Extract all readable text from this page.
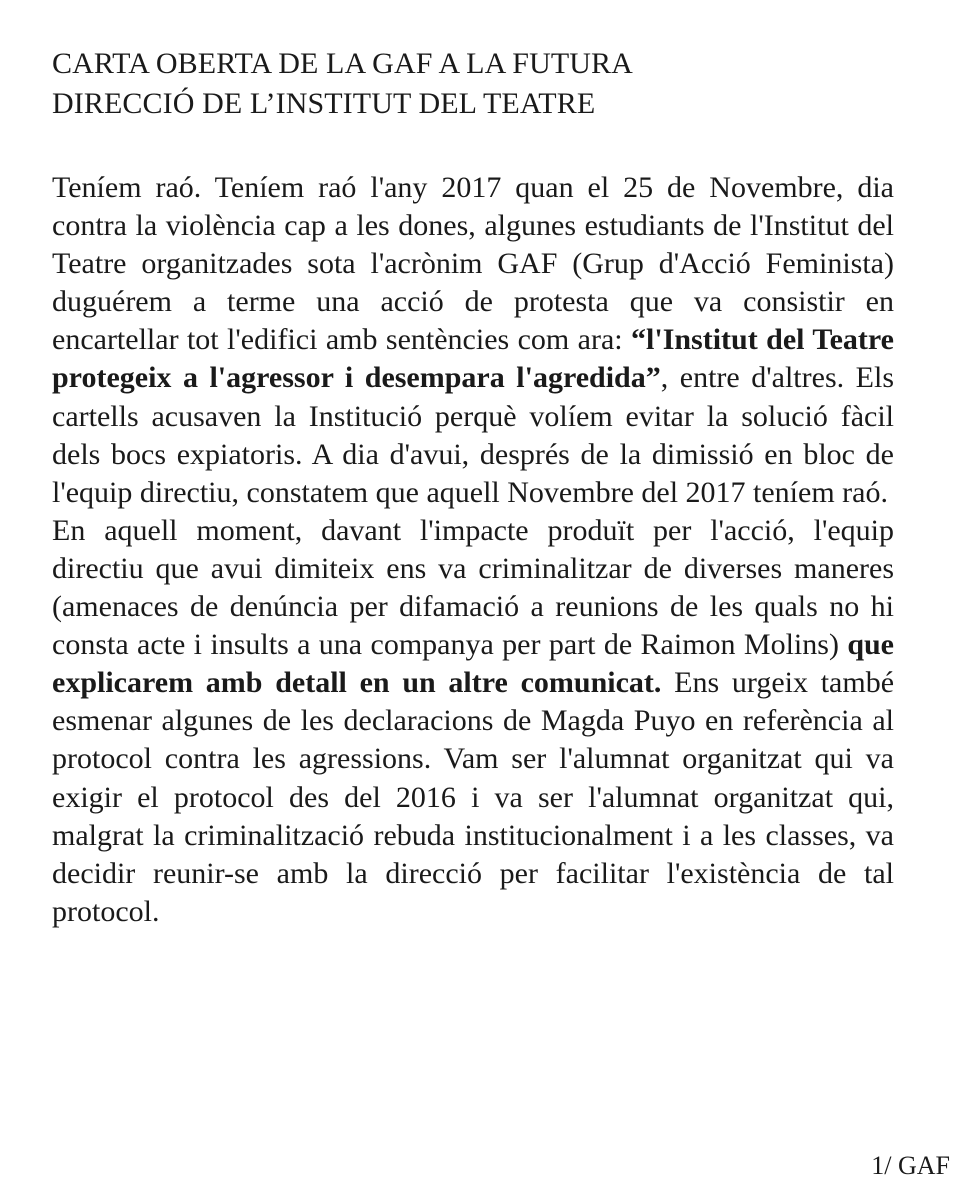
CARTA OBERTA DE LA GAF A LA FUTURA
DIRECCIÓ DE L’INSTITUT DEL TEATRE

Teníem raó. Teníem raó l'any 2017 quan el 25 de Novembre, dia contra la violència cap a les dones, algunes estudiants de l'Institut del Teatre organitzades sota l'acrònim GAF (Grup d'Acció Feminista) duguérem a terme una acció de protesta que va consistir en encartellar tot l'edifici amb sentències com ara: “l'Institut del Teatre protegeix a l'agressor i desempara l'agredida”, entre d'altres. Els cartells acusaven la Institució perquè volíem evitar la solució fàcil dels bocs expiatoris. A dia d'avui, després de la dimissió en bloc de l'equip directiu, constatem que aquell Novembre del 2017 teníem raó.

En aquell moment, davant l'impacte produït per l'acció, l'equip directiu que avui dimiteix ens va criminalitzar de diverses maneres (amenaces de denúncia per difamació a reunions de les quals no hi consta acte i insults a una companya per part de Raimon Molins) que explicarem amb detall en un altre comunicat. Ens urgeix també esmenar algunes de les declaracions de Magda Puyo en referència al protocol contra les agressions. Vam ser l'alumnat organitzat qui va exigir el protocol des del 2016 i va ser l'alumnat organitzat qui, malgrat la criminalització rebuda institucionalment i a les classes, va decidir reunir-se amb la direcció per facilitar l'existència de tal protocol.

1/ GAF
